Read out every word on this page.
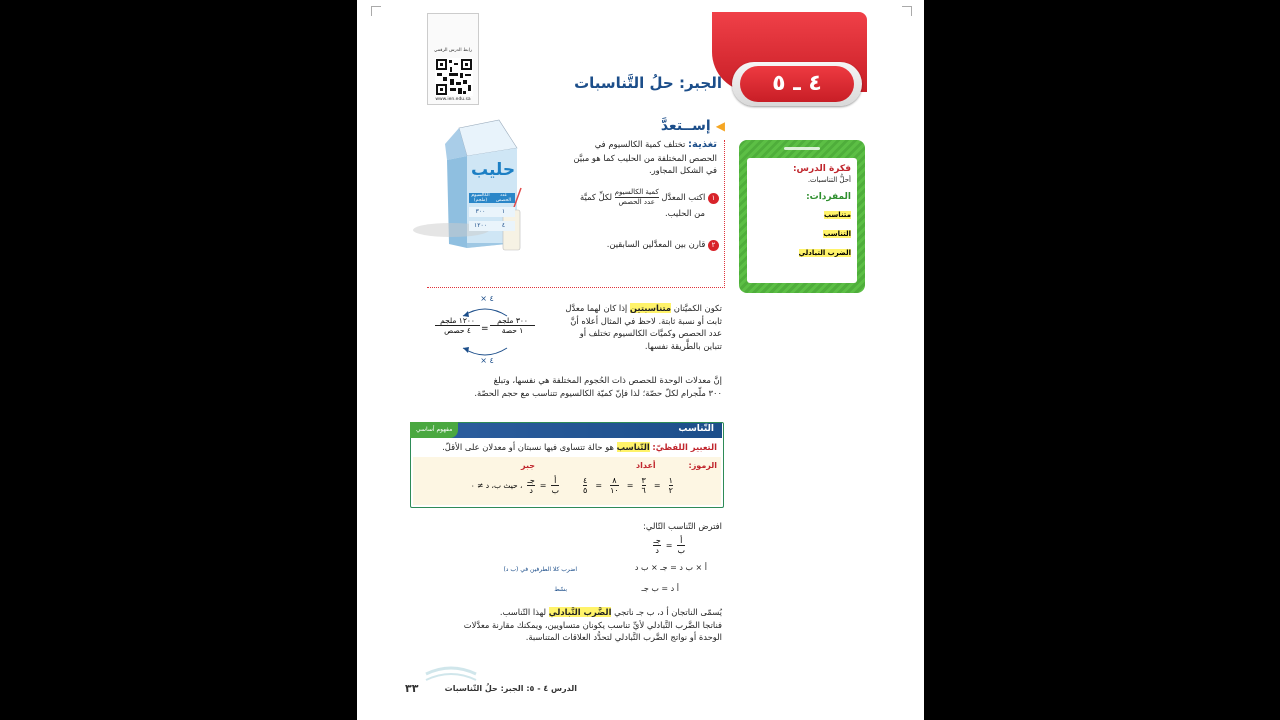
رابط الدرس الرقمي
www.ien.edu.sa
٤ ـ ٥
الجبر: حلُ التَّناسبات
◀ إســتعدَّ
تغذية: تختلف كمية الكالسيوم في
الحصص المختلفة من الحليب كما هو مبيَّن
في الشكل المجاور.
١ اكتب المعدَّل
كمية الكالسيوم
عدد الحصص
لكلِّ كميَّة
من الحليب.
٢ قارن بين المعدَّلين السابقين.
حليب
الكالسيوم (ملجم)
عدد الحصص
٣٠٠	١
١٢٠٠	٤
فكرة الدرس:
أحلُّ التناسبات.
المفردات:
متناسب
التناسب
الضرب التبادلي
تكون الكميَّتان متناسبتين إذا كان لهما معدَّل
ثابت أو نسبة ثابتة. لاحظ في المثال أعلاه أنَّ
عدد الحصص وكميَّات الكالسيوم تختلف أو
تتباين بالطَّريقة نفسها.
× ٤
× ٤
٣٠٠ ملجم
١ حصة
=
١٢٠٠ ملجم
٤ حصص
إنَّ معدلات الوحدة للحصص ذات الحُجوم المختلفة هي نفسها، وتبلغ
٣٠٠ ملّجرام لكلّ حصّة؛ لذا فإنّ كميّة الكالسيوم تتناسب مع حجم الحصّة.
مفهوم أساسي	التّناسب
التعبير اللفظيّ: التّناسب هو حالة تتساوى فيها نسبتان أو معدلان على الأقلّ.
الرموز:
أعداد
جبر
٤
٥
=
٨
١٠
=
٣
٦
=
١
٢
أ
ب
=
جـ
د
، حيث ب، د ≠ ٠
افترض التّناسب التّالي:
أ
ب
=
جـ
د
أ × ب د = جـ × ب د
اضرب كلا الطرفين في (ب د)
أ د = ب جـ
بسّط
يُسمّى الناتجان أ د، ب جـ ناتجي الضَّرب التَّبادلي لهذا التّناسب.
فناتجا الضَّرب التَّبادلي لأيِّ تناسب يكونان متساويين، ويمكنك مقارنة معدَّلات
الوحدة أو نواتج الضَّرب التَّبادلي لتحدُّد العلاقات المتناسبة.
الدرس ٤ - ٥: الجبر: حلُ التّناسبات
٣٣
